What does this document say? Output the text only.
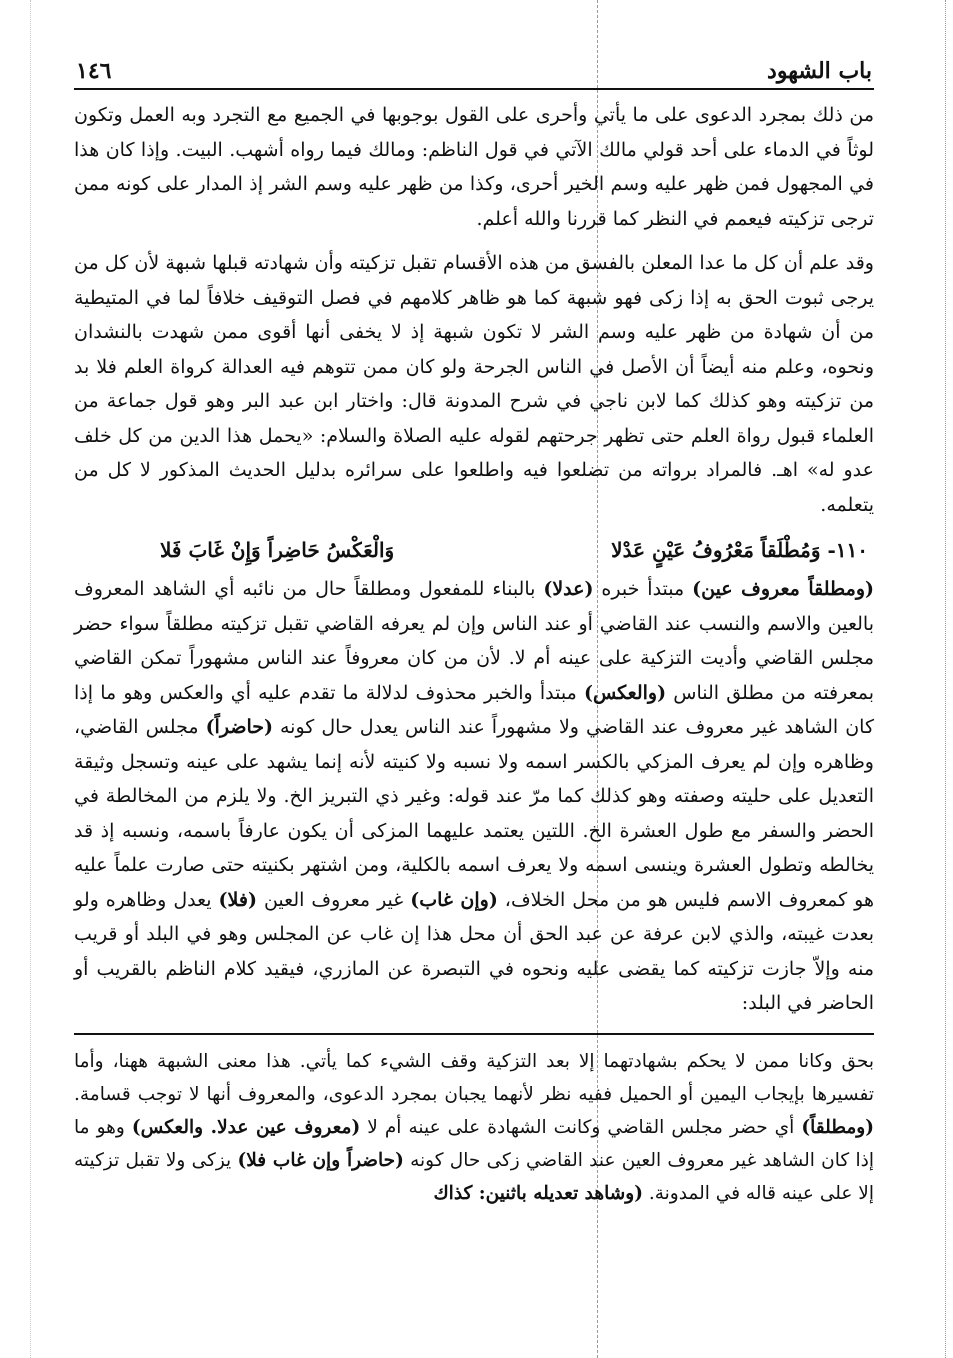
باب الشهود
١٤٦

من ذلك بمجرد الدعوى على ما يأتي وأحرى على القول بوجوبها في الجميع مع التجرد وبه العمل وتكون لوثاً في الدماء على أحد قولي مالك الآتي في قول الناظم: ومالك فيما رواه أشهب. البيت. وإذا كان هذا في المجهول فمن ظهر عليه وسم الخير أحرى، وكذا من ظهر عليه وسم الشر إذ المدار على كونه ممن ترجى تزكيته فيعمم في النظر كما قررنا والله أعلم.

وقد علم أن كل ما عدا المعلن بالفسق من هذه الأقسام تقبل تزكيته وأن شهادته قبلها شبهة لأن كل من يرجى ثبوت الحق به إذا زكى فهو شبهة كما هو ظاهر كلامهم في فصل التوقيف خلافاً لما في المتيطية من أن شهادة من ظهر عليه وسم الشر لا تكون شبهة إذ لا يخفى أنها أقوى ممن شهدت بالنشدان ونحوه، وعلم منه أيضاً أن الأصل في الناس الجرحة ولو كان ممن تتوهم فيه العدالة كرواة العلم فلا بد من تزكيته وهو كذلك كما لابن ناجي في شرح المدونة قال: واختار ابن عبد البر وهو قول جماعة من العلماء قبول رواة العلم حتى تظهر جرحتهم لقوله عليه الصلاة والسلام: «يحمل هذا الدين من كل خلف عدو له» اهـ. فالمراد برواته من تضلعوا فيه واطلعوا على سرائره بدليل الحديث المذكور لا كل من يتعلمه.

١١٠- وَمُطْلَقاً مَعْرُوفُ عَيْنٍ عَدْلا
وَالْعَكْسُ حَاضِراً وَإِنْ غَابَ فَلا

(ومطلقاً معروف عين) مبتدأ خبره (عدلا) بالبناء للمفعول ومطلقاً حال من نائبه أي الشاهد المعروف بالعين والاسم والنسب عند القاضي أو عند الناس وإن لم يعرفه القاضي تقبل تزكيته مطلقاً سواء حضر مجلس القاضي وأديت التزكية على عينه أم لا. لأن من كان معروفاً عند الناس مشهوراً تمكن القاضي بمعرفته من مطلق الناس (والعكس) مبتدأ والخبر محذوف لدلالة ما تقدم عليه أي والعكس وهو ما إذا كان الشاهد غير معروف عند القاضي ولا مشهوراً عند الناس يعدل حال كونه (حاضراً) مجلس القاضي، وظاهره وإن لم يعرف المزكي بالكسر اسمه ولا نسبه ولا كنيته لأنه إنما يشهد على عينه وتسجل وثيقة التعديل على حليته وصفته وهو كذلك كما مرّ عند قوله: وغير ذي التبريز الخ. ولا يلزم من المخالطة في الحضر والسفر مع طول العشرة الخ. اللتين يعتمد عليهما المزكى أن يكون عارفاً باسمه، ونسبه إذ قد يخالطه وتطول العشرة وينسى اسمه ولا يعرف اسمه بالكلية، ومن اشتهر بكنيته حتى صارت علماً عليه هو كمعروف الاسم فليس هو من محل الخلاف، (وإن غاب) غير معروف العين (فلا) يعدل وظاهره ولو بعدت غيبته، والذي لابن عرفة عن عبد الحق أن محل هذا إن غاب عن المجلس وهو في البلد أو قريب منه وإلاّ جازت تزكيته كما يقضى عليه ونحوه في التبصرة عن المازري، فيقيد كلام الناظم بالقريب أو الحاضر في البلد:

بحق وكانا ممن لا يحكم بشهادتهما إلا بعد التزكية وقف الشيء كما يأتي. هذا معنى الشبهة ههنا، وأما تفسيرها بإيجاب اليمين أو الحميل ففيه نظر لأنهما يجبان بمجرد الدعوى، والمعروف أنها لا توجب قسامة. (ومطلقاً) أي حضر مجلس القاضي وكانت الشهادة على عينه أم لا (معروف عين عدلا. والعكس) وهو ما إذا كان الشاهد غير معروف العين عند القاضي زكى حال كونه (حاضراً وإن غاب فلا) يزكى ولا تقبل تزكيته إلا على عينه قاله في المدونة. (وشاهد تعديله باثنين: كذاك
